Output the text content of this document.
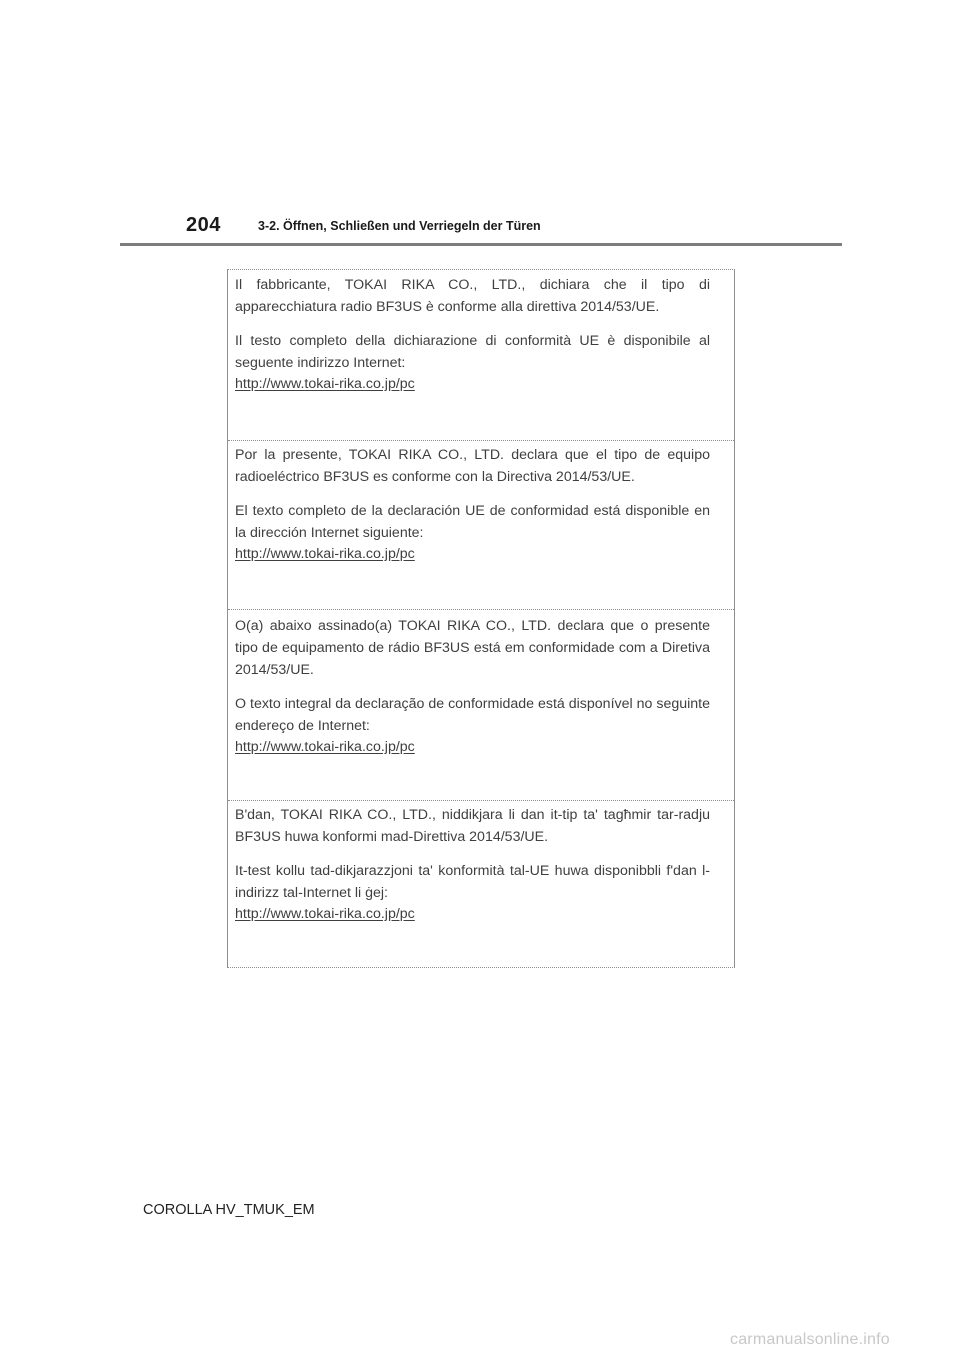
204	3-2. Öffnen, Schließen und Verriegeln der Türen

Il fabbricante, TOKAI RIKA CO., LTD., dichiara che il tipo di apparecchiatura radio BF3US è conforme alla direttiva 2014/53/UE.

Il testo completo della dichiarazione di conformità UE è disponibile al seguente indirizzo Internet:

http://www.tokai-rika.co.jp/pc

Por la presente, TOKAI RIKA CO., LTD. declara que el tipo de equipo radioeléctrico BF3US es conforme con la Directiva 2014/53/UE.

El texto completo de la declaración UE de conformidad está disponible en la dirección Internet siguiente:

http://www.tokai-rika.co.jp/pc

O(a) abaixo assinado(a) TOKAI RIKA CO., LTD. declara que o presente tipo de equipamento de rádio BF3US está em conformidade com a Diretiva 2014/53/UE.

O texto integral da declaração de conformidade está disponível no seguinte endereço de Internet:

http://www.tokai-rika.co.jp/pc

B'dan, TOKAI RIKA CO., LTD., niddikjara li dan it-tip ta' tagħmir tar-radju BF3US huwa konformi mad-Direttiva 2014/53/UE.

It-test kollu tad-dikjarazzjoni ta' konformità tal-UE huwa disponibbli f'dan l-indirizz tal-Internet li ġej:

http://www.tokai-rika.co.jp/pc
COROLLA HV_TMUK_EM
carmanualsonline.info
